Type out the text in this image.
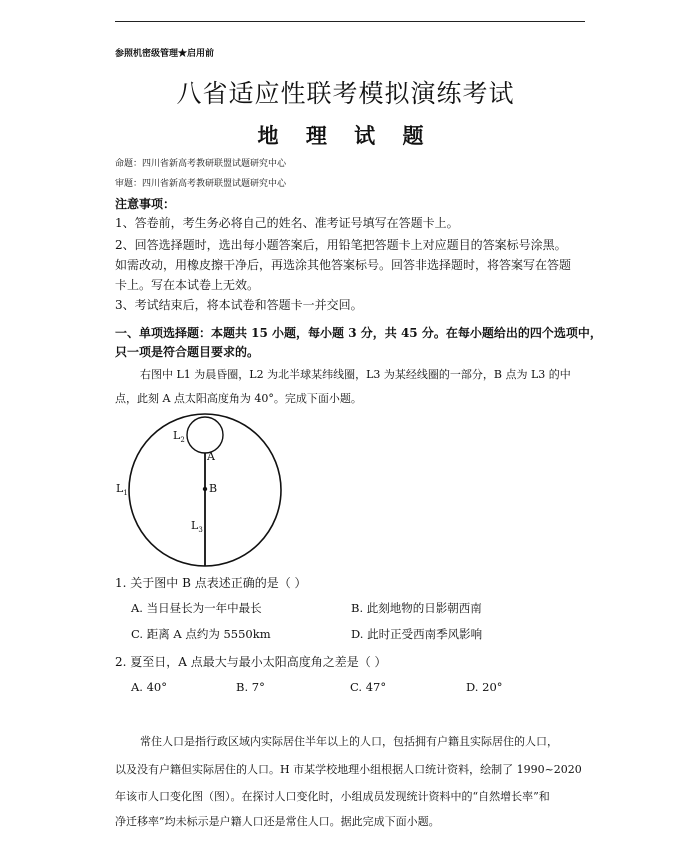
参照机密级管理★启用前
八省适应性联考模拟演练考试
地 理 试 题
命题：四川省新高考教研联盟试题研究中心
审题：四川省新高考教研联盟试题研究中心
注意事项：
1、答卷前，考生务必将自己的姓名、准考证号填写在答题卡上。
2、回答选择题时，选出每小题答案后，用铅笔把答题卡上对应题目的答案标号涂黑。
如需改动，用橡皮擦干净后，再选涂其他答案标号。回答非选择题时，将答案写在答题
卡上。写在本试卷上无效。
3、考试结束后，将本试卷和答题卡一并交回。
一、单项选择题：本题共 15 小题，每小题 3 分，共 45 分。在每小题给出的四个选项中，
只一项是符合题目要求的。
右图中 L1 为晨昏圈，L2 为北半球某纬线圈，L3 为某经线圈的一部分，B 点为 L3 的中
点，此刻 A 点太阳高度角为 40°。完成下面小题。
$L_2$
A
$L_1$	B
$L_3$
1. 关于图中 B 点表述正确的是（ ）
A. 当日昼长为一年中最长	B. 此刻地物的日影朝西南
C. 距离 A 点约为 5550km	D. 此时正受西南季风影响
2. 夏至日，A 点最大与最小太阳高度角之差是（ ）
A. 40°	B. 7°	C. 47°	D. 20°
常住人口是指行政区域内实际居住半年以上的人口，包括拥有户籍且实际居住的人口，
以及没有户籍但实际居住的人口。H 市某学校地理小组根据人口统计资料，绘制了 1990~2020
年该市人口变化图（图）。在探讨人口变化时，小组成员发现统计资料中的“自然增长率”和
净迁移率”均未标示是户籍人口还是常住人口。据此完成下面小题。
